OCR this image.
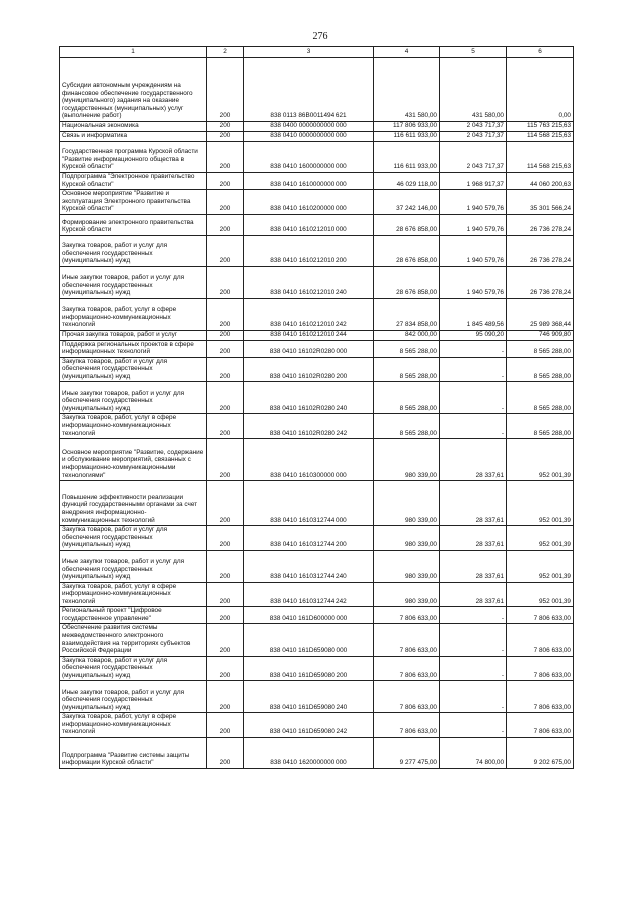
276
1	2	3	4	5	6
Субсидии автономным учреждениям на финансовое обеспечение государственного (муниципального) задания на оказание государственных (муниципальных) услуг (выполнение работ)	200	838 0113 86В0011494 621	431 580,00	431 580,00	0,00
Национальная экономика	200	838 0400 0000000000 000	117 806 933,00	2 043 717,37	115 763 215,63
Связь и информатика	200	838 0410 0000000000 000	116 611 933,00	2 043 717,37	114 568 215,63
Государственная программа Курской области "Развитие информационного общества в Курской области"	200	838 0410 1600000000 000	116 611 933,00	2 043 717,37	114 568 215,63
Подпрограмма "Электронное правительство Курской области"	200	838 0410 1610000000 000	46 029 118,00	1 968 917,37	44 060 200,63
Основное мероприятие "Развитие и эксплуатация Электронного правительства Курской области"	200	838 0410 1610200000 000	37 242 146,00	1 940 579,76	35 301 566,24
Формирование электронного правительства Курской области	200	838 0410 1610212010 000	28 676 858,00	1 940 579,76	26 736 278,24
Закупка товаров, работ и услуг для обеспечения государственных (муниципальных) нужд	200	838 0410 1610212010 200	28 676 858,00	1 940 579,76	26 736 278,24
Иные закупки товаров, работ и услуг для обеспечения государственных (муниципальных) нужд	200	838 0410 1610212010 240	28 676 858,00	1 940 579,76	26 736 278,24
Закупка товаров, работ, услуг в сфере информационно-коммуникационных технологий	200	838 0410 1610212010 242	27 834 858,00	1 845 489,56	25 989 368,44
Прочая закупка товаров, работ и услуг	200	838 0410 1610212010 244	842 000,00	95 090,20	746 909,80
Поддержка региональных проектов в сфере информационных технологий	200	838 0410 16102R0280 000	8 565 288,00	-	8 565 288,00
Закупка товаров, работ и услуг для обеспечения государственных (муниципальных) нужд	200	838 0410 16102R0280 200	8 565 288,00	-	8 565 288,00
Иные закупки товаров, работ и услуг для обеспечения государственных (муниципальных) нужд	200	838 0410 16102R0280 240	8 565 288,00	-	8 565 288,00
Закупка товаров, работ, услуг в сфере информационно-коммуникационных технологий	200	838 0410 16102R0280 242	8 565 288,00	-	8 565 288,00
Основное мероприятие "Развитие, содержание и обслуживание мероприятий, связанных с информационно-коммуникационными технологиями"	200	838 0410 1610300000 000	980 339,00	28 337,61	952 001,39
Повышение эффективности реализации функций государственными органами за счет внедрения информационно-коммуникационных технологий	200	838 0410 1610312744 000	980 339,00	28 337,61	952 001,39
Закупка товаров, работ и услуг для обеспечения государственных (муниципальных) нужд	200	838 0410 1610312744 200	980 339,00	28 337,61	952 001,39
Иные закупки товаров, работ и услуг для обеспечения государственных (муниципальных) нужд	200	838 0410 1610312744 240	980 339,00	28 337,61	952 001,39
Закупка товаров, работ, услуг в сфере информационно-коммуникационных технологий	200	838 0410 1610312744 242	980 339,00	28 337,61	952 001,39
Региональный проект "Цифровое государственное управление"	200	838 0410 161D600000 000	7 806 633,00	-	7 806 633,00
Обеспечение развития системы межведомственного электронного взаимодействия на территориях субъектов Российской Федерации	200	838 0410 161D659080 000	7 806 633,00	-	7 806 633,00
Закупка товаров, работ и услуг для обеспечения государственных (муниципальных) нужд	200	838 0410 161D659080 200	7 806 633,00	-	7 806 633,00
Иные закупки товаров, работ и услуг для обеспечения государственных (муниципальных) нужд	200	838 0410 161D659080 240	7 806 633,00	-	7 806 633,00
Закупка товаров, работ, услуг в сфере информационно-коммуникационных технологий	200	838 0410 161D659080 242	7 806 633,00	-	7 806 633,00
Подпрограмма "Развитие системы защиты информации Курской области"	200	838 0410 1620000000 000	9 277 475,00	74 800,00	9 202 675,00
